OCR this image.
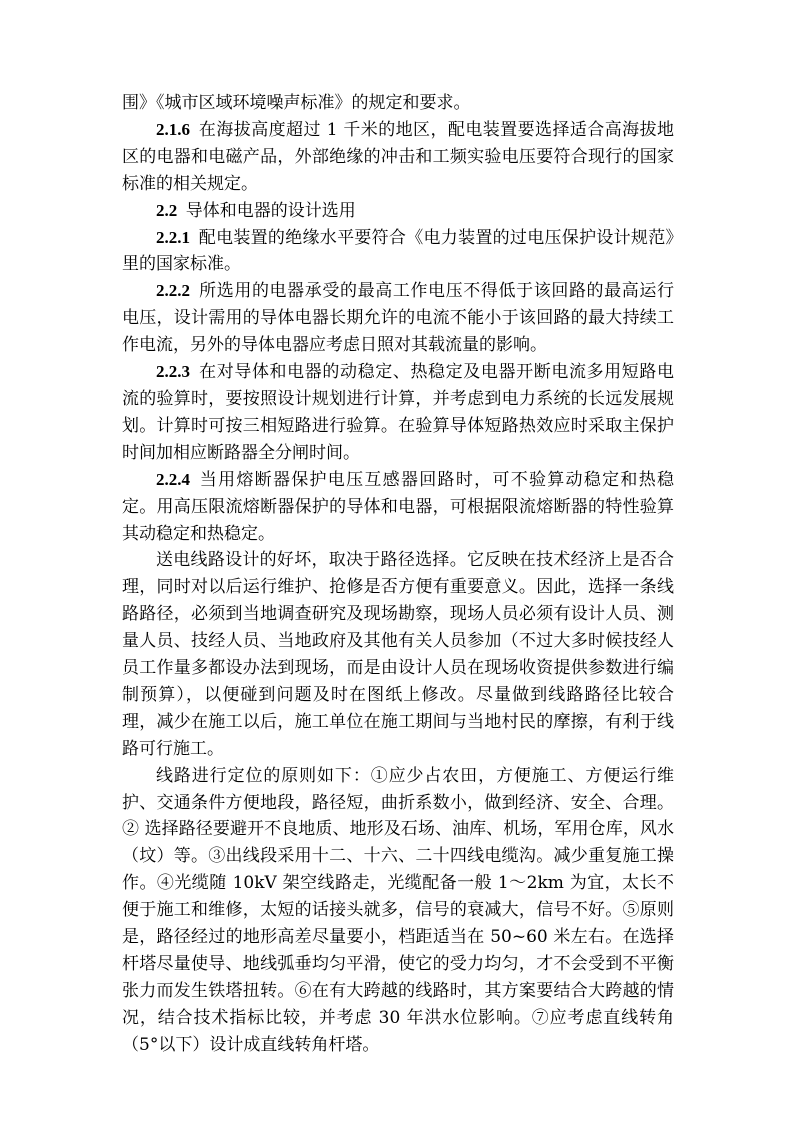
围》《城市区域环境噪声标准》的规定和要求。

2.1.6 在海拔高度超过 1 千米的地区，配电装置要选择适合高海拔地区的电器和电磁产品，外部绝缘的冲击和工频实验电压要符合现行的国家标准的相关规定。

2.2 导体和电器的设计选用

2.2.1 配电装置的绝缘水平要符合《电力装置的过电压保护设计规范》里的国家标准。

2.2.2 所选用的电器承受的最高工作电压不得低于该回路的最高运行电压，设计需用的导体电器长期允许的电流不能小于该回路的最大持续工作电流，另外的导体电器应考虑日照对其载流量的影响。

2.2.3 在对导体和电器的动稳定、热稳定及电器开断电流多用短路电流的验算时，要按照设计规划进行计算，并考虑到电力系统的长远发展规划。计算时可按三相短路进行验算。在验算导体短路热效应时采取主保护时间加相应断路器全分闸时间。

2.2.4 当用熔断器保护电压互感器回路时，可不验算动稳定和热稳定。用高压限流熔断器保护的导体和电器，可根据限流熔断器的特性验算其动稳定和热稳定。

送电线路设计的好坏，取决于路径选择。它反映在技术经济上是否合理，同时对以后运行维护、抢修是否方便有重要意义。因此，选择一条线路路径，必须到当地调查研究及现场勘察，现场人员必须有设计人员、测量人员、技经人员、当地政府及其他有关人员参加（不过大多时候技经人员工作量多都设办法到现场，而是由设计人员在现场收资提供参数进行编制预算），以便碰到问题及时在图纸上修改。尽量做到线路路径比较合理，减少在施工以后，施工单位在施工期间与当地村民的摩擦，有利于线路可行施工。

线路进行定位的原则如下：①应少占农田，方便施工、方便运行维护、交通条件方便地段，路径短，曲折系数小，做到经济、安全、合理。② 选择路径要避开不良地质、地形及石场、油库、机场，军用仓库，风水（坟）等。③出线段采用十二、十六、二十四线电缆沟。减少重复施工操作。④光缆随 10kV 架空线路走，光缆配备一般 1～2km 为宜，太长不便于施工和维修，太短的话接头就多，信号的衰减大，信号不好。⑤原则是，路径经过的地形高差尽量要小，档距适当在 50~60 米左右。在选择杆塔尽量使导、地线弧垂均匀平滑，使它的受力均匀，才不会受到不平衡张力而发生铁塔扭转。⑥在有大跨越的线路时，其方案要结合大跨越的情况，结合技术指标比较，并考虑 30 年洪水位影响。⑦应考虑直线转角（5°以下）设计成直线转角杆塔。
